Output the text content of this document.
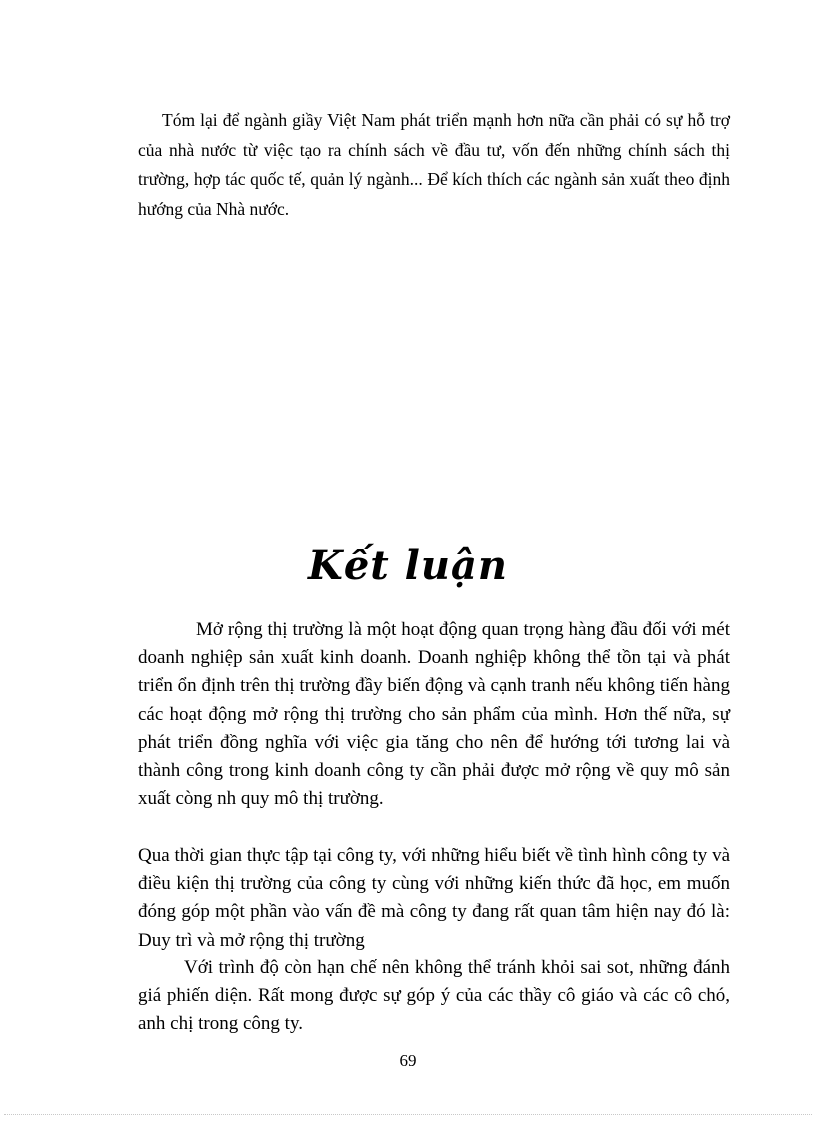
Tóm lại để ngành giầy Việt Nam phát triển mạnh hơn nữa cần phải có sự hỗ trợ của nhà nước từ việc tạo ra chính sách về đầu tư, vốn đến những chính sách thị trường, hợp tác quốc tế, quản lý ngành... Để kích thích các ngành sản xuất theo định hướng của Nhà nước.

Kết luận

Mở rộng thị trường là một hoạt động quan trọng hàng đầu đối với mét doanh nghiệp sản xuất kinh doanh. Doanh nghiệp không thể tồn tại và phát triển ổn định trên thị trường đầy biến động và cạnh tranh nếu không tiến hàng các hoạt động mở rộng thị trường cho sản phẩm của mình. Hơn thế nữa, sự phát triển đồng nghĩa với việc gia tăng cho nên để hướng tới tương lai và thành công trong kinh doanh công ty cần phải được mở rộng về quy mô sản xuất còng nh quy mô thị trường.

Qua thời gian thực tập tại công ty, với những hiểu biết về tình hình công ty và điều kiện thị trường của công ty cùng với những kiến thức đã học, em muốn đóng góp một phần vào vấn đề mà công ty đang rất quan tâm hiện nay đó là: Duy trì và mở rộng thị trường

Với trình độ còn hạn chế nên không thể tránh khỏi sai sot, những đánh giá phiến diện. Rất mong được sự góp ý của các thầy cô giáo và các cô chó, anh chị trong công ty.

69
